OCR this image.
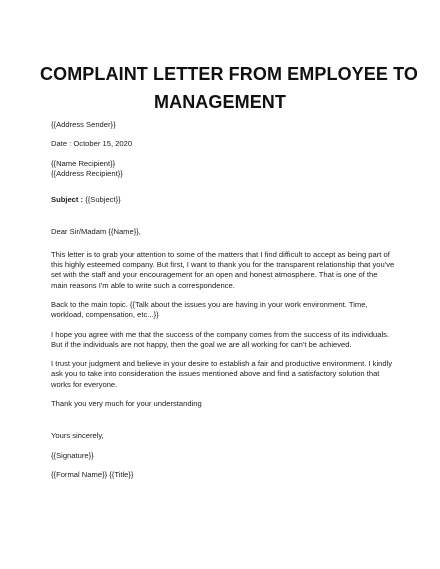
COMPLAINT LETTER FROM EMPLOYEE TO
MANAGEMENT
{{Address Sender}}
Date : October 15, 2020
{{Name Recipient}}
{{Address Recipient}}
Subject : {{Subject}}
Dear Sir/Madam {{Name}},
This letter is to grab your attention to some of the matters that I find difficult to accept as being part of this highly esteemed company. But first, I want to thank you for the transparent relationship that you've set with the staff and your encouragement for an open and honest atmosphere. That is one of the main reasons I'm able to write such a correspondence.
Back to the main topic. {{Talk about the issues you are having in your work environment. Time, workload, compensation, etc...}}
I hope you agree with me that the success of the company comes from the success of its individuals. But if the individuals are not happy, then the goal we are all working for can't be achieved.
I trust your judgment and believe in your desire to establish a fair and productive environment. I kindly ask you to take into consideration the issues mentioned above and find a satisfactory solution that works for everyone.
Thank you very much for your understanding
Yours sincerely,
{{Signature}}
{{Formal Name}} {{Title}}
